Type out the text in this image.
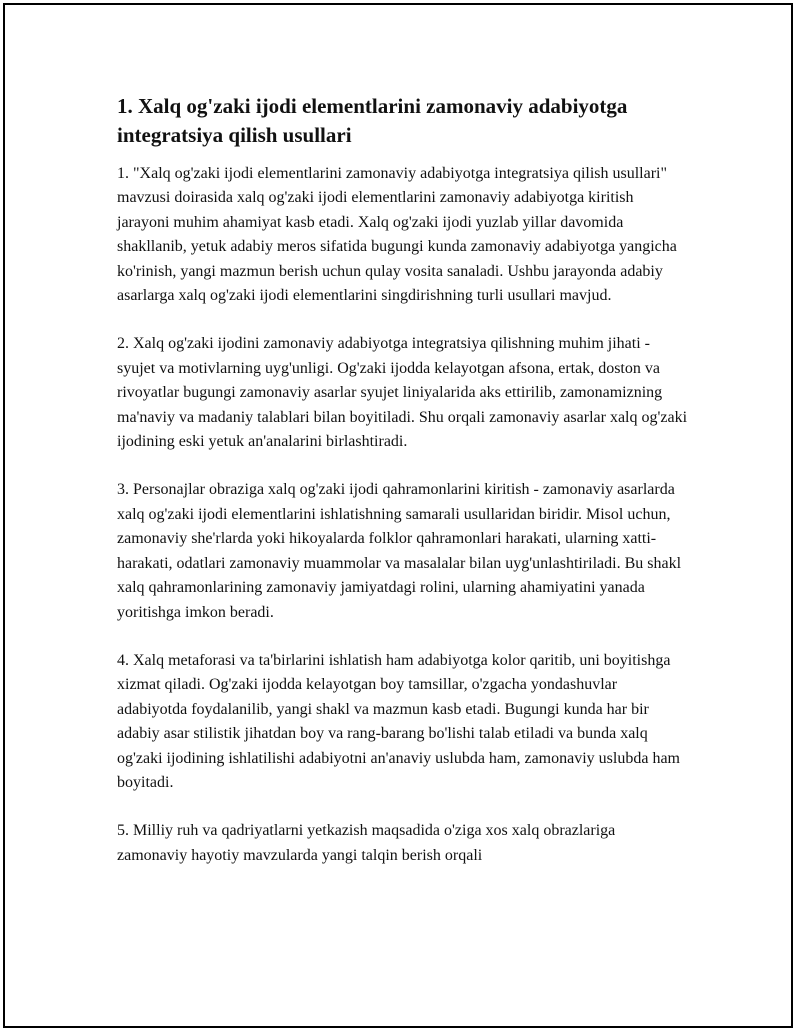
1. Xalq og'zaki ijodi elementlarini zamonaviy adabiyotga integratsiya qilish usullari

1. "Xalq og'zaki ijodi elementlarini zamonaviy adabiyotga integratsiya qilish usullari" mavzusi doirasida xalq og'zaki ijodi elementlarini zamonaviy adabiyotga kiritish jarayoni muhim ahamiyat kasb etadi. Xalq og'zaki ijodi yuzlab yillar davomida shakllanib, yetuk adabiy meros sifatida bugungi kunda zamonaviy adabiyotga yangicha ko'rinish, yangi mazmun berish uchun qulay vosita sanaladi. Ushbu jarayonda adabiy asarlarga xalq og'zaki ijodi elementlarini singdirishning turli usullari mavjud.

2. Xalq og'zaki ijodini zamonaviy adabiyotga integratsiya qilishning muhim jihati - syujet va motivlarning uyg'unligi. Og'zaki ijodda kelayotgan afsona, ertak, doston va rivoyatlar bugungi zamonaviy asarlar syujet liniyalarida aks ettirilib, zamonamizning ma'naviy va madaniy talablari bilan boyitiladi. Shu orqali zamonaviy asarlar xalq og'zaki ijodining eski yetuk an'analarini birlashtiradi.

3. Personajlar obraziga xalq og'zaki ijodi qahramonlarini kiritish - zamonaviy asarlarda xalq og'zaki ijodi elementlarini ishlatishning samarali usullaridan biridir. Misol uchun, zamonaviy she'rlarda yoki hikoyalarda folklor qahramonlari harakati, ularning xatti-harakati, odatlari zamonaviy muammolar va masalalar bilan uyg'unlashtiriladi. Bu shakl xalq qahramonlarining zamonaviy jamiyatdagi rolini, ularning ahamiyatini yanada yoritishga imkon beradi.

4. Xalq metaforasi va ta'birlarini ishlatish ham adabiyotga kolor qaritib, uni boyitishga xizmat qiladi. Og'zaki ijodda kelayotgan boy tamsillar, o'zgacha yondashuvlar adabiyotda foydalanilib, yangi shakl va mazmun kasb etadi. Bugungi kunda har bir adabiy asar stilistik jihatdan boy va rang-barang bo'lishi talab etiladi va bunda xalq og'zaki ijodining ishlatilishi adabiyotni an'anaviy uslubda ham, zamonaviy uslubda ham boyitadi.

5. Milliy ruh va qadriyatlarni yetkazish maqsadida o'ziga xos xalq obrazlariga zamonaviy hayotiy mavzularda yangi talqin berish orqali
